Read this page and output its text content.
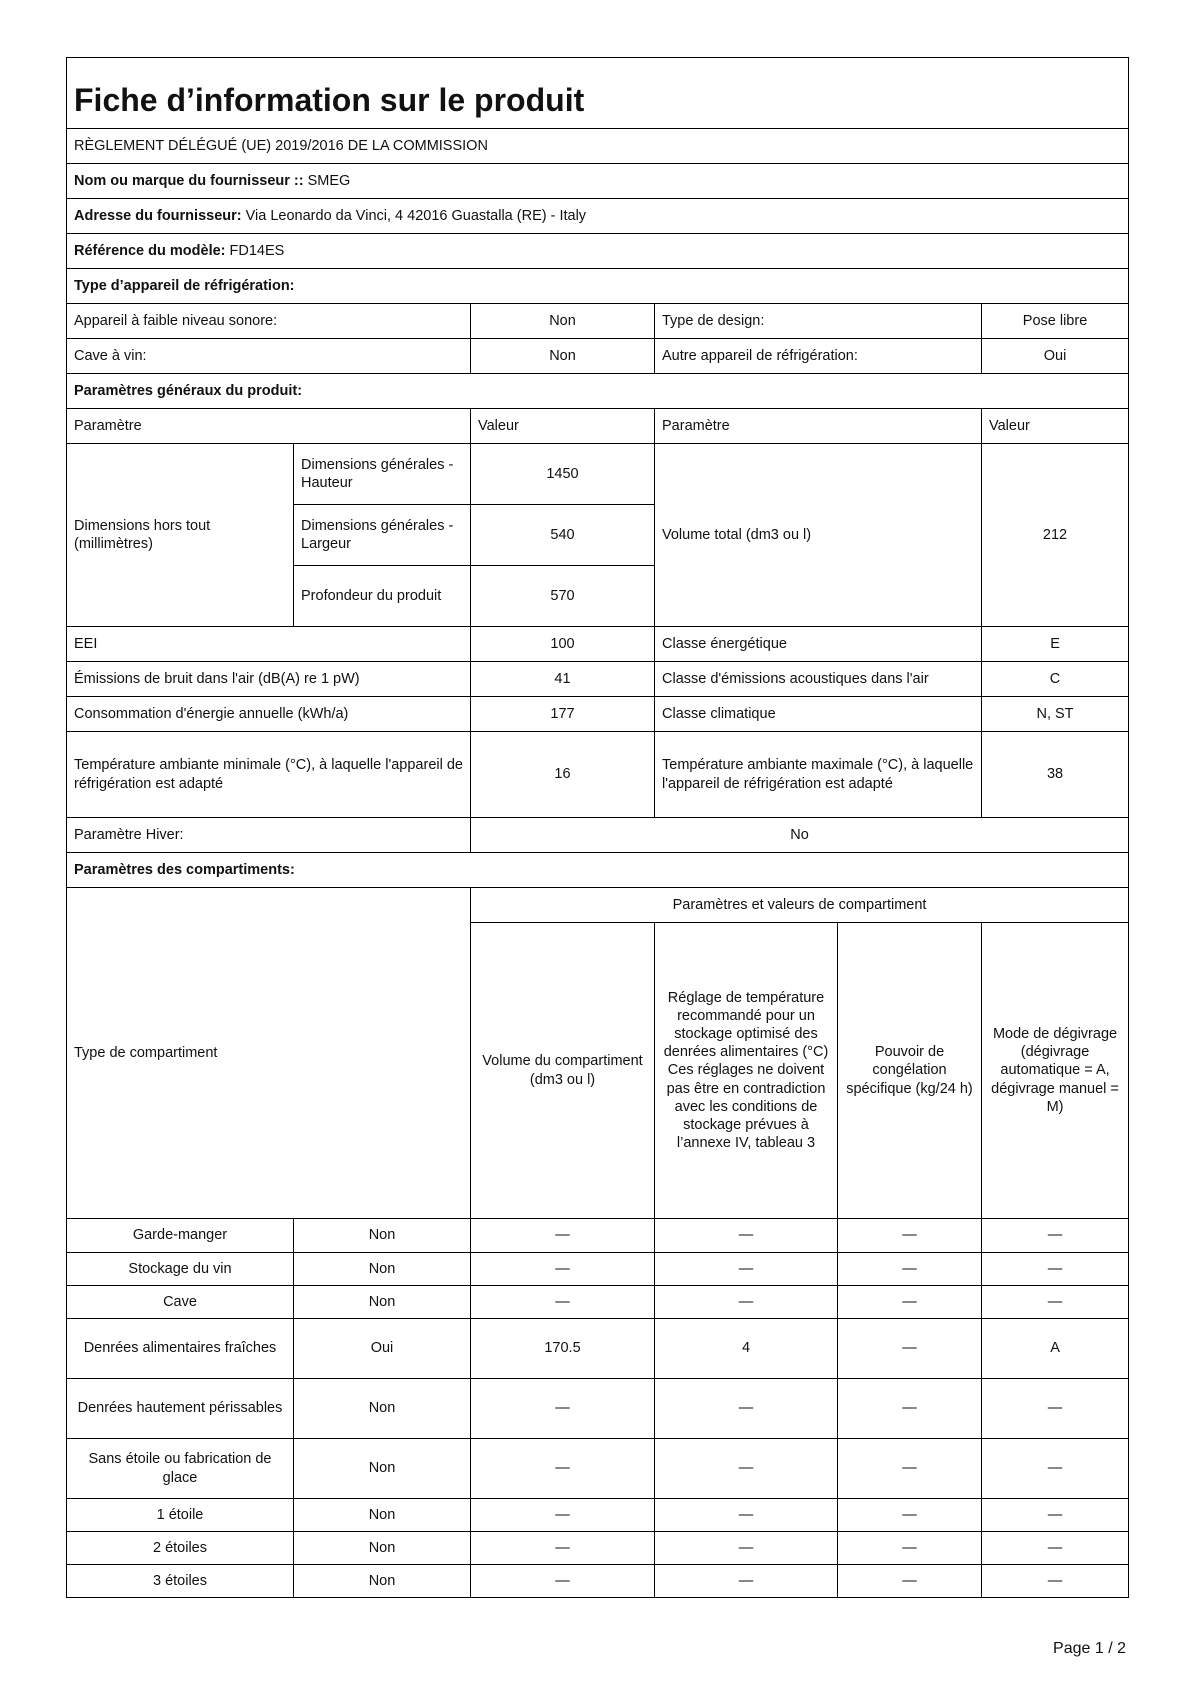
Fiche d’information sur le produit					
RÈGLEMENT DÉLÉGUÉ (UE) 2019/2016 DE LA COMMISSION					
Nom ou marque du fournisseur :: SMEG					
Adresse du fournisseur: Via Leonardo da Vinci, 4 42016 Guastalla (RE) - Italy					
Référence du modèle: FD14ES					
Type d’appareil de réfrigération:					
Appareil à faible niveau sonore:		Non	Type de design:		Pose libre
Cave à vin:		Non	Autre appareil de réfrigération:		Oui
Paramètres généraux du produit:					
Paramètre		Valeur	Paramètre		Valeur
Dimensions hors tout (millimètres)	Dimensions générales - Hauteur	1450	Volume total (dm3 ou l)		212
	Dimensions générales - Largeur	540			
	Profondeur du produit	570			
EEI		100	Classe énergétique		E
Émissions de bruit dans l'air (dB(A) re 1 pW)		41	Classe d'émissions acoustiques dans l'air		C
Consommation d'énergie annuelle (kWh/a)		177	Classe climatique		N, ST
Température ambiante minimale (°C), à laquelle l'appareil de réfrigération est adapté		16	Température ambiante maximale (°C), à laquelle l'appareil de réfrigération est adapté		38
Paramètre Hiver:		No			
Paramètres des compartiments:					
Type de compartiment		Paramètres et valeurs de compartiment			
		Volume du compartiment (dm3 ou l)	Réglage de température recommandé pour un stockage optimisé des denrées alimentaires (°C) Ces réglages ne doivent pas être en contradiction avec les conditions de stockage prévues à l’annexe IV, tableau 3	Pouvoir de congélation spécifique (kg/24 h)	Mode de dégivrage (dégivrage automatique = A, dégivrage manuel = M)
Garde-manger	Non	—	—	—	—
Stockage du vin	Non	—	—	—	—
Cave	Non	—	—	—	—
Denrées alimentaires fraîches	Oui	170.5	4	—	A
Denrées hautement périssables	Non	—	—	—	—
Sans étoile ou fabrication de glace	Non	—	—	—	—
1 étoile	Non	—	—	—	—
2 étoiles	Non	—	—	—	—
3 étoiles	Non	—	—	—	—
Page 1 / 2
